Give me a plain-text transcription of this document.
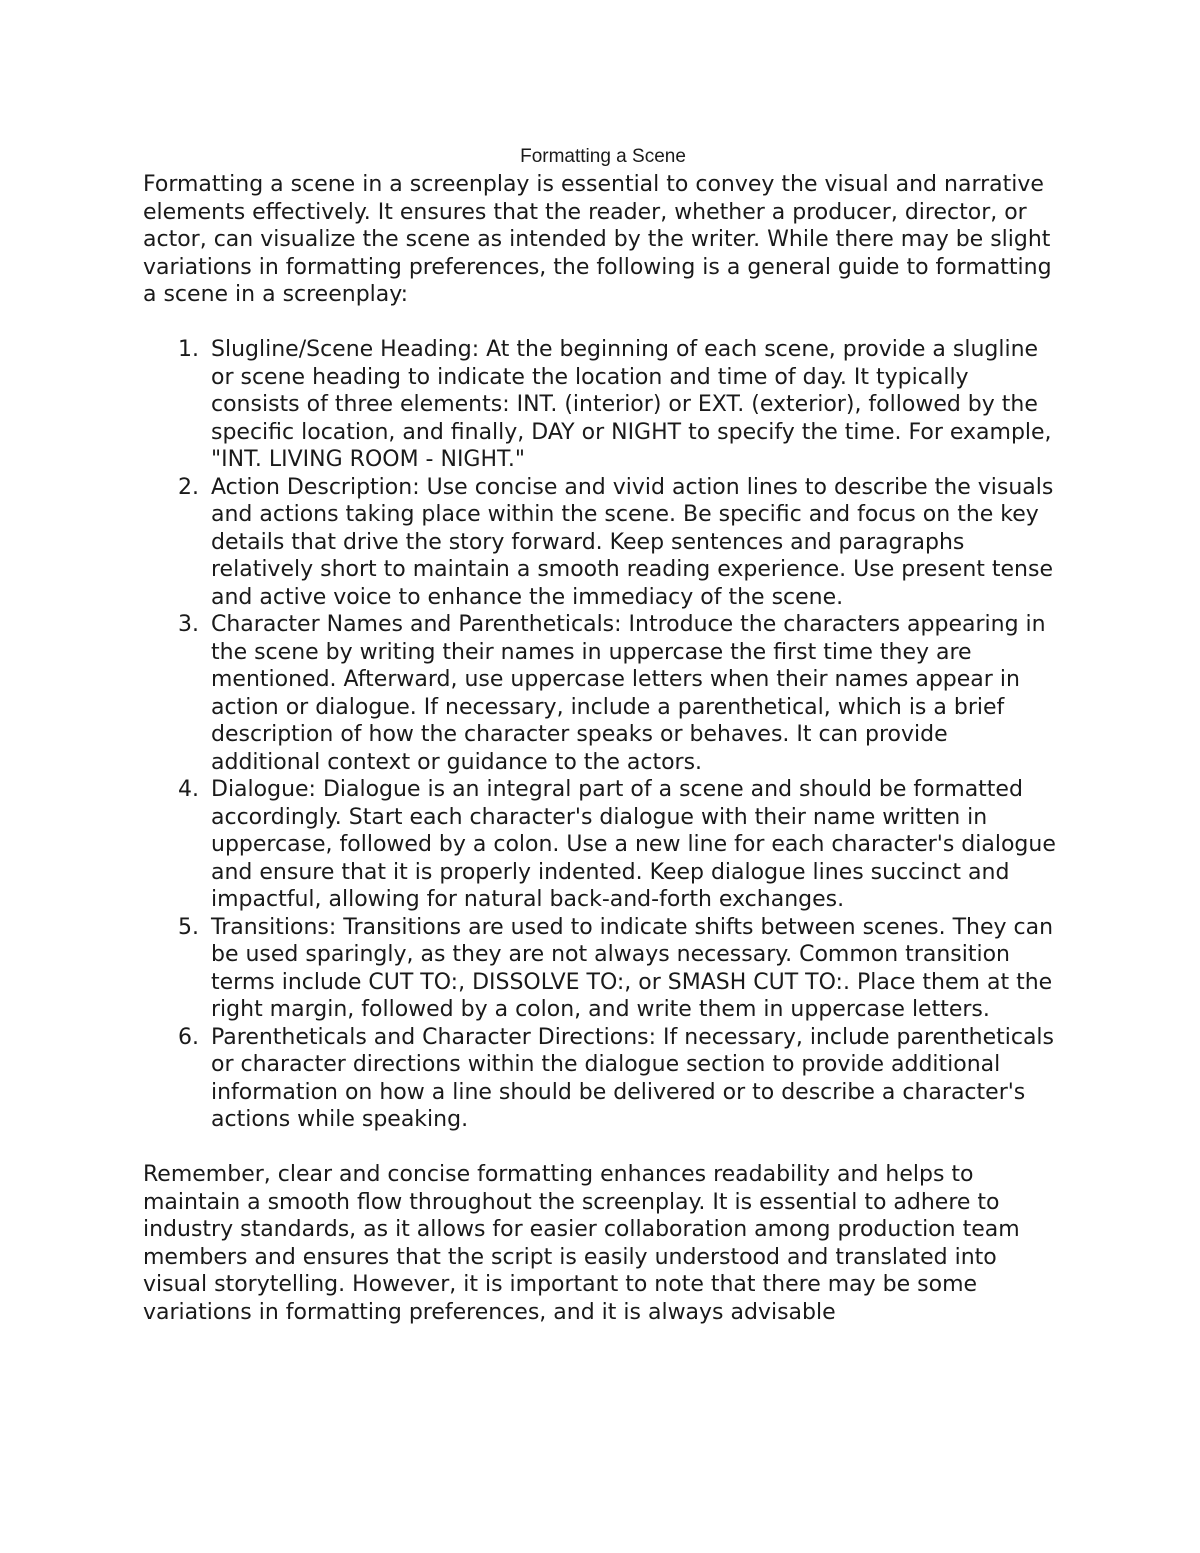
Formatting a Scene

Formatting a scene in a screenplay is essential to convey the visual and narrative elements effectively. It ensures that the reader, whether a producer, director, or actor, can visualize the scene as intended by the writer. While there may be slight variations in formatting preferences, the following is a general guide to formatting a scene in a screenplay:

1. Slugline/Scene Heading: At the beginning of each scene, provide a slugline or scene heading to indicate the location and time of day. It typically consists of three elements: INT. (interior) or EXT. (exterior), followed by the specific location, and finally, DAY or NIGHT to specify the time. For example, "INT. LIVING ROOM - NIGHT."
2. Action Description: Use concise and vivid action lines to describe the visuals and actions taking place within the scene. Be specific and focus on the key details that drive the story forward. Keep sentences and paragraphs relatively short to maintain a smooth reading experience. Use present tense and active voice to enhance the immediacy of the scene.
3. Character Names and Parentheticals: Introduce the characters appearing in the scene by writing their names in uppercase the first time they are mentioned. Afterward, use uppercase letters when their names appear in action or dialogue. If necessary, include a parenthetical, which is a brief description of how the character speaks or behaves. It can provide additional context or guidance to the actors.
4. Dialogue: Dialogue is an integral part of a scene and should be formatted accordingly. Start each character's dialogue with their name written in uppercase, followed by a colon. Use a new line for each character's dialogue and ensure that it is properly indented. Keep dialogue lines succinct and impactful, allowing for natural back-and-forth exchanges.
5. Transitions: Transitions are used to indicate shifts between scenes. They can be used sparingly, as they are not always necessary. Common transition terms include CUT TO:, DISSOLVE TO:, or SMASH CUT TO:. Place them at the right margin, followed by a colon, and write them in uppercase letters.
6. Parentheticals and Character Directions: If necessary, include parentheticals or character directions within the dialogue section to provide additional information on how a line should be delivered or to describe a character's actions while speaking.

Remember, clear and concise formatting enhances readability and helps to maintain a smooth flow throughout the screenplay. It is essential to adhere to industry standards, as it allows for easier collaboration among production team members and ensures that the script is easily understood and translated into visual storytelling. However, it is important to note that there may be some variations in formatting preferences, and it is always advisable
